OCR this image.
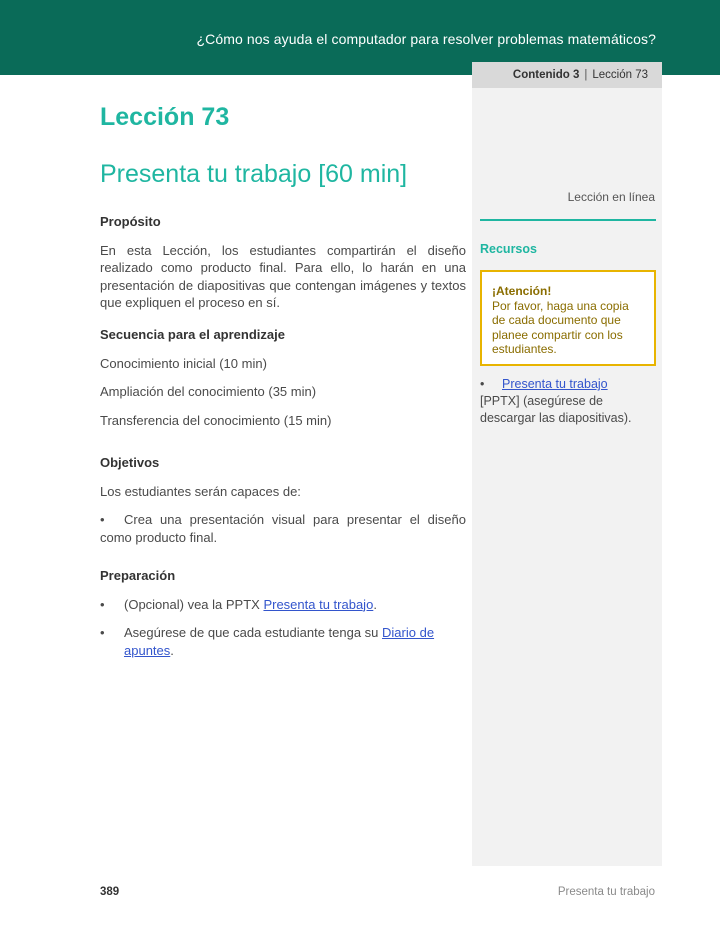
¿Cómo nos ayuda el computador para resolver problemas matemáticos?
Contenido 3 | Lección 73
Lección 73
Presenta tu trabajo [60 min]
Propósito
En esta Lección, los estudiantes compartirán el diseño realizado como producto final. Para ello, lo harán en una presentación de diapositivas que contengan imágenes y textos que expliquen el proceso en sí.
Secuencia para el aprendizaje
Conocimiento inicial (10 min)
Ampliación del conocimiento (35 min)
Transferencia del conocimiento (15 min)
Objetivos
Los estudiantes serán capaces de:
• Crea una presentación visual para presentar el diseño como producto final.
Preparación
•	(Opcional) vea la PPTX Presenta tu trabajo.
•	Asegúrese de que cada estudiante tenga su Diario de apuntes.
Lección en línea
Recursos
¡Atención!
Por favor, haga una copia de cada documento que planee compartir con los estudiantes.
• Presenta tu trabajo
[PPTX] (asegúrese de descargar las diapositivas).
389	Presenta tu trabajo
